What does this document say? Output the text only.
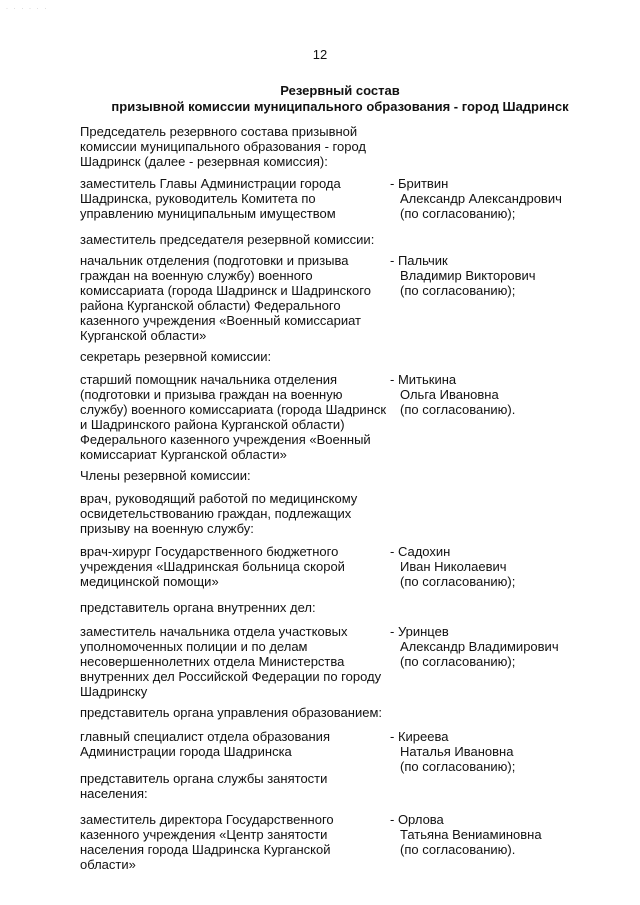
· · · · · ·
12
Резервный состав
призывной комиссии муниципального образования - город Шадринск
Председатель резервного состава призывной
комиссии муниципального образования - город
Шадринск (далее - резервная комиссия):
заместитель Главы Администрации города
Шадринска, руководитель Комитета по
управлению муниципальным имуществом
- Бритвин
Александр Александрович
(по согласованию);
заместитель председателя резервной комиссии:
начальник отделения (подготовки и призыва
граждан на военную службу) военного
комиссариата (города Шадринск и Шадринского
района Курганской области) Федерального
казенного учреждения «Военный комиссариат
Курганской области»
- Пальчик
Владимир Викторович
(по согласованию);
секретарь резервной комиссии:
старший помощник начальника отделения
(подготовки и призыва граждан на военную
службу) военного комиссариата (города Шадринск
и Шадринского района Курганской области)
Федерального казенного учреждения «Военный
комиссариат Курганской области»
- Митькина
Ольга Ивановна
(по согласованию).
Члены резервной комиссии:
врач, руководящий работой по медицинскому
освидетельствованию граждан, подлежащих
призыву на военную службу:
врач-хирург Государственного бюджетного
учреждения «Шадринская больница скорой
медицинской помощи»
- Садохин
Иван Николаевич
(по согласованию);
представитель органа внутренних дел:
заместитель начальника отдела участковых
уполномоченных полиции и по делам
несовершеннолетних отдела Министерства
внутренних дел Российской Федерации по городу
Шадринску
- Уринцев
Александр Владимирович
(по согласованию);
представитель органа управления образованием:
главный специалист отдела образования
Администрации города Шадринска
- Киреева
Наталья Ивановна
(по согласованию);
представитель органа службы занятости
населения:
заместитель директора Государственного
казенного учреждения «Центр занятости
населения города Шадринска Курганской
области»
- Орлова
Татьяна Вениаминовна
(по согласованию).
